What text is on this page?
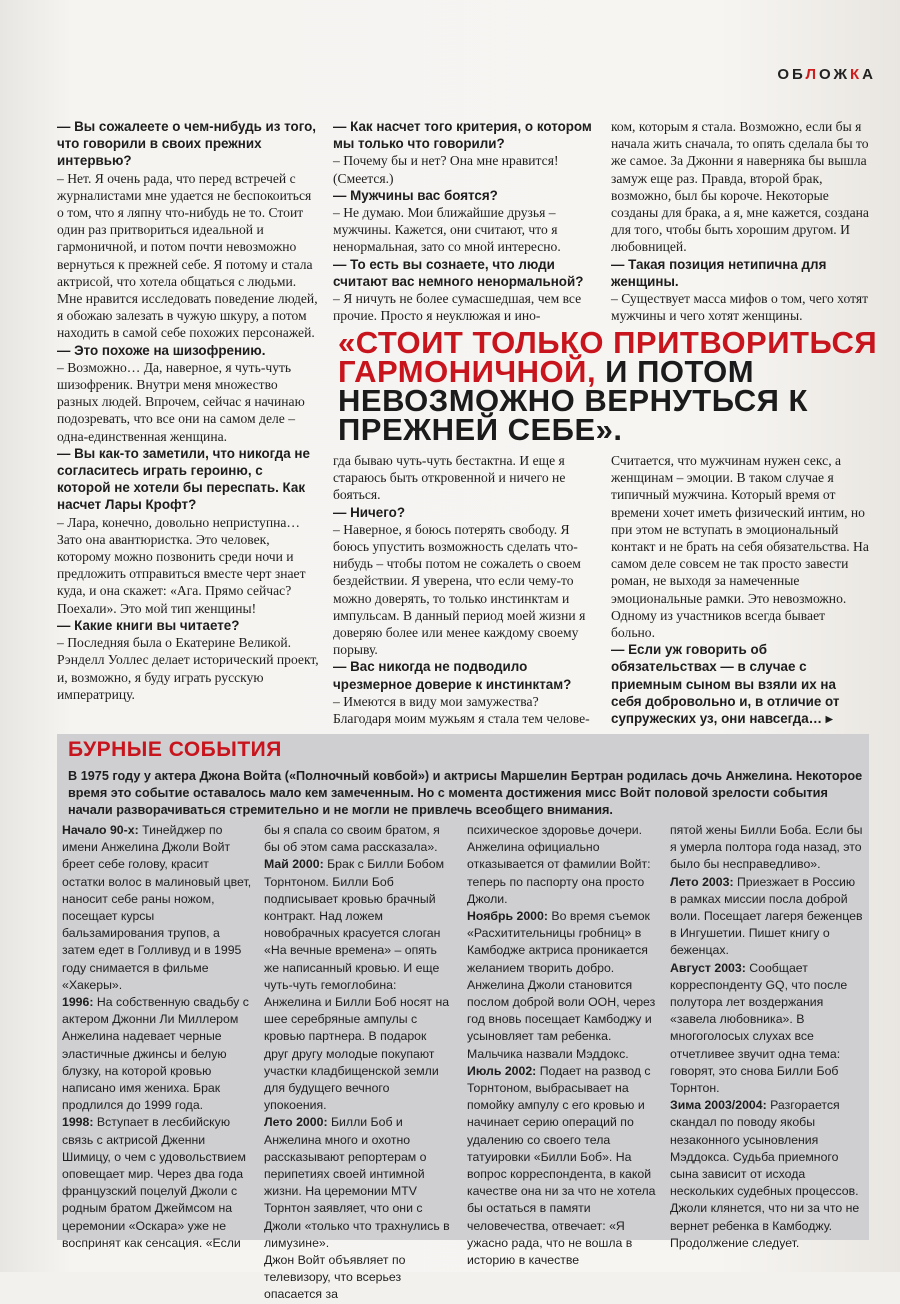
ОБЛОЖКА

— Вы сожалеете о чем-нибудь из того, что говорили в своих прежних интервью?

– Нет. Я очень рада, что перед встречей с журналистами мне удается не беспокоиться о том, что я ляпну что-нибудь не то. Стоит один раз притвориться идеальной и гармоничной, и потом почти невозможно вернуться к прежней себе. Я потому и стала актрисой, что хотела общаться с людьми. Мне нравится исследовать поведение людей, я обожаю залезать в чужую шкуру, а потом находить в самой себе похожих персонажей.

— Это похоже на шизофрению.

– Возможно… Да, наверное, я чуть-чуть шизофреник. Внутри меня множество разных людей. Впрочем, сейчас я начинаю подозревать, что все они на самом деле – одна-единственная женщина.

— Вы как-то заметили, что никогда не согласитесь играть героиню, с которой не хотели бы переспать. Как насчет Лары Крофт?

– Лара, конечно, довольно неприступна… Зато она авантюристка. Это человек, которому можно позвонить среди ночи и предложить отправиться вместе черт знает куда, и она скажет: «Ага. Прямо сейчас? Поехали». Это мой тип женщины!

— Какие книги вы читаете?

– Последняя была о Екатерине Великой. Рэнделл Уоллес делает исторический проект, и, возможно, я буду играть русскую императрицу.

— Как насчет того критерия, о котором мы только что говорили?

– Почему бы и нет? Она мне нравится! (Смеется.)

— Мужчины вас боятся?

– Не думаю. Мои ближайшие друзья – мужчины. Кажется, они считают, что я ненормальная, зато со мной интересно.

— То есть вы сознаете, что люди считают вас немного ненормальной?

– Я ничуть не более сумасшедшая, чем все прочие. Просто я неуклюжая и ино-

ком, которым я стала. Возможно, если бы я начала жить сначала, то опять сделала бы то же самое. За Джонни я наверняка бы вышла замуж еще раз. Правда, второй брак, возможно, был бы короче. Некоторые созданы для брака, а я, мне кажется, создана для того, чтобы быть хорошим другом. И любовницей.

— Такая позиция нетипична для женщины.

– Существует масса мифов о том, чего хотят мужчины и чего хотят женщины.

«СТОИТ ТОЛЬКО ПРИТВОРИТЬСЯ ГАРМОНИЧНОЙ, И ПОТОМ НЕВОЗМОЖНО ВЕРНУТЬСЯ К ПРЕЖНЕЙ СЕБЕ».

гда бываю чуть-чуть бестактна. И еще я стараюсь быть откровенной и ничего не бояться.

— Ничего?

– Наверное, я боюсь потерять свободу. Я боюсь упустить возможность сделать что-нибудь – чтобы потом не сожалеть о своем бездействии. Я уверена, что если чему-то можно доверять, то только инстинктам и импульсам. В данный период моей жизни я доверяю более или менее каждому своему порыву.

— Вас никогда не подводило чрезмерное доверие к инстинктам?

– Имеются в виду мои замужества? Благодаря моим мужьям я стала тем челове-

Считается, что мужчинам нужен секс, а женщинам – эмоции. В таком случае я типичный мужчина. Который время от времени хочет иметь физический интим, но при этом не вступать в эмоциональный контакт и не брать на себя обязательства. На самом деле совсем не так просто завести роман, не выходя за намеченные эмоциональные рамки. Это невозможно. Одному из участников всегда бывает больно.

— Если уж говорить об обязательствах — в случае с приемным сыном вы взяли их на себя добровольно и, в отличие от супружеских уз, они навсегда… ▸

БУРНЫЕ СОБЫТИЯ
В 1975 году у актера Джона Войта («Полночный ковбой») и актрисы Маршелин Бертран родилась дочь Анжелина. Некоторое время это событие оставалось мало кем замеченным. Но с момента достижения мисс Войт половой зрелости события начали разворачиваться стремительно и не могли не привлечь всеобщего внимания.

Начало 90-х: Тинейджер по имени Анжелина Джоли Войт бреет себе голову, красит остатки волос в малиновый цвет, наносит себе раны ножом, посещает курсы бальзамирования трупов, а затем едет в Голливуд и в 1995 году снимается в фильме «Хакеры».

1996: На собственную свадьбу с актером Джонни Ли Миллером Анжелина надевает черные эластичные джинсы и белую блузку, на которой кровью написано имя жениха. Брак продлился до 1999 года.

1998: Вступает в лесбийскую связь с актрисой Дженни Шимицу, о чем с удовольствием оповещает мир. Через два года французский поцелуй Джоли с родным братом Джеймсом на церемонии «Оскара» уже не воспринят как сенсация. «Если

бы я спала со своим братом, я бы об этом сама рассказала».

Май 2000: Брак с Билли Бобом Торнтоном. Билли Боб подписывает кровью брачный контракт. Над ложем новобрачных красуется слоган «На вечные времена» – опять же написанный кровью. И еще чуть-чуть гемоглобина: Анжелина и Билли Боб носят на шее серебряные ампулы с кровью партнера. В подарок друг другу молодые покупают участки кладбищенской земли для будущего вечного упокоения.

Лето 2000: Билли Боб и Анжелина много и охотно рассказывают репортерам о перипетиях своей интимной жизни. На церемонии MTV Торнтон заявляет, что они с Джоли «только что трахнулись в лимузине».

Джон Войт объявляет по телевизору, что всерьез опасается за

психическое здоровье дочери. Анжелина официально отказывается от фамилии Войт: теперь по паспорту она просто Джоли.

Ноябрь 2000: Во время съемок «Расхитительницы гробниц» в Камбодже актриса проникается желанием творить добро. Анжелина Джоли становится послом доброй воли ООН, через год вновь посещает Камбоджу и усыновляет там ребенка. Мальчика назвали Мэддокс.

Июль 2002: Подает на развод с Торнтоном, выбрасывает на помойку ампулу с его кровью и начинает серию операций по удалению со своего тела татуировки «Билли Боб». На вопрос корреспондента, в какой качестве она ни за что не хотела бы остаться в памяти человечества, отвечает: «Я ужасно рада, что не вошла в историю в качестве

пятой жены Билли Боба. Если бы я умерла полтора года назад, это было бы несправедливо».

Лето 2003: Приезжает в Россию в рамках миссии посла доброй воли. Посещает лагеря беженцев в Ингушетии. Пишет книгу о беженцах.

Август 2003: Сообщает корреспонденту GQ, что после полутора лет воздержания «завела любовника». В многоголосых слухах все отчетливее звучит одна тема: говорят, это снова Билли Боб Торнтон.

Зима 2003/2004: Разгорается скандал по поводу якобы незаконного усыновления Мэддокса. Судьба приемного сына зависит от исхода нескольких судебных процессов. Джоли клянется, что ни за что не вернет ребенка в Камбоджу. Продолжение следует.
